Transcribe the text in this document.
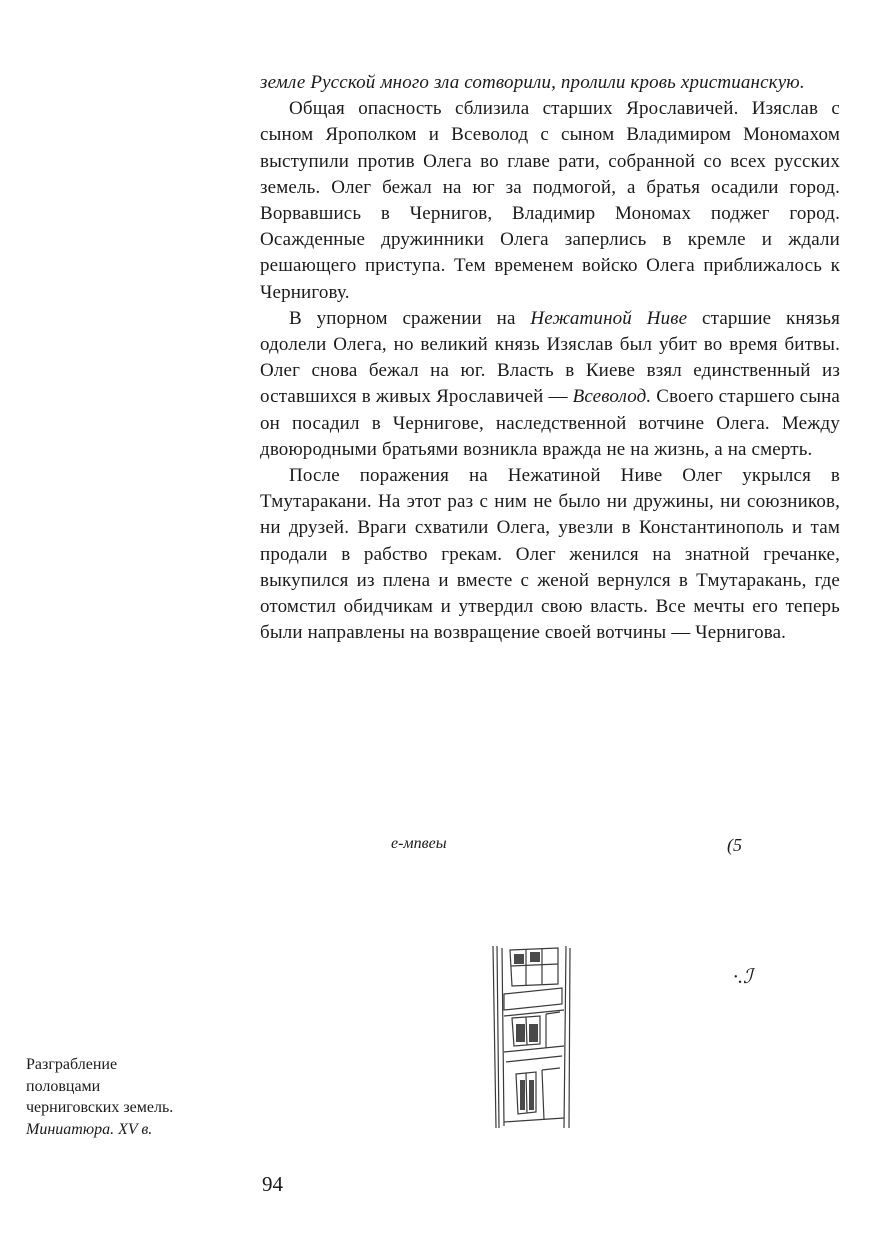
земле Русской много зла сотворили, пролили кровь христианскую.

Общая опасность сблизила старших Ярославичей. Изяслав с сыном Ярополком и Всеволод с сыном Владимиром Мономахом выступили против Олега во главе рати, собранной со всех русских земель. Олег бежал на юг за подмогой, а братья осадили город. Ворвавшись в Чернигов, Владимир Мономах поджег город. Осажденные дружинники Олега заперлись в кремле и ждали решающего приступа. Тем временем войско Олега приближалось к Чернигову.

В упорном сражении на Нежатиной Ниве старшие князья одолели Олега, но великий князь Изяслав был убит во время битвы. Олег снова бежал на юг. Власть в Киеве взял единственный из оставшихся в живых Ярославичей — Всеволод. Своего старшего сына он посадил в Чернигове, наследственной вотчине Олега. Между двоюродными братьями возникла вражда не на жизнь, а на смерть.

После поражения на Нежатиной Ниве Олег укрылся в Тмутаракани. На этот раз с ним не было ни дружины, ни союзников, ни друзей. Враги схватили Олега, увезли в Константинополь и там продали в рабство грекам. Олег женился на знатной гречанке, выкупился из плена и вместе с женой вернулся в Тмутаракань, где отомстил обидчикам и утвердил свою власть. Все мечты его теперь были направлены на возвращение своей вотчины — Чернигова.

е-мпвеы	(5
·.ℐ
Разграбление
половцами
черниговских земель.
Миниатюра. XV в.
94
